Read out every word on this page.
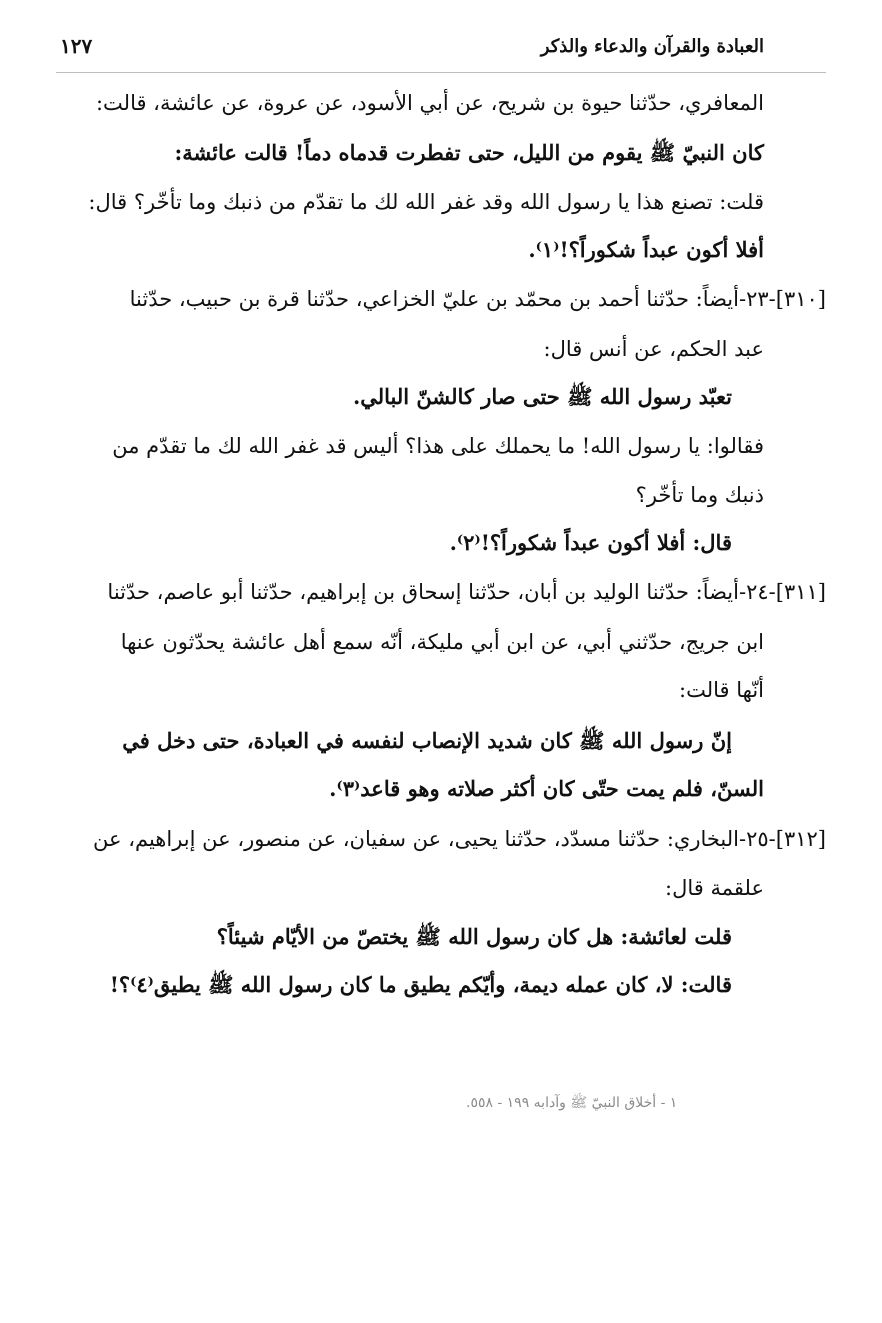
العبادة والقرآن والدعاء والذكر
١٢٧
المعافري، حدّثنا حيوة بن شريح، عن أبي الأسود، عن عروة، عن عائشة، قالت:
كان النبيّ ﷺ يقوم من الليل، حتى تفطرت قدماه دماً! قالت عائشة:
قلت: تصنع هذا يا رسول الله وقد غفر الله لك ما تقدّم من ذنبك وما تأخّر؟ قال:
أفلا أكون عبداً شكوراً؟!⁽١⁾.
[٣١٠]-٢٣-أيضاً: حدّثنا أحمد بن محمّد بن عليّ الخزاعي، حدّثنا قرة بن حبيب، حدّثنا
عبد الحكم، عن أنس قال:
تعبّد رسول الله ﷺ حتى صار كالشنّ البالي.
فقالوا: يا رسول الله! ما يحملك على هذا؟ أليس قد غفر الله لك ما تقدّم من
ذنبك وما تأخّر؟
قال: أفلا أكون عبداً شكوراً؟!⁽٢⁾.
[٣١١]-٢٤-أيضاً: حدّثنا الوليد بن أبان، حدّثنا إسحاق بن إبراهيم، حدّثنا أبو عاصم، حدّثنا
ابن جريج، حدّثني أبي، عن ابن أبي مليكة، أنّه سمع أهل عائشة يحدّثون عنها
أنّها قالت:
إنّ رسول الله ﷺ كان شديد الإنصاب لنفسه في العبادة، حتى دخل في
السنّ، فلم يمت حتّى كان أكثر صلاته وهو قاعد⁽٣⁾.
[٣١٢]-٢٥-البخاري: حدّثنا مسدّد، حدّثنا يحيى، عن سفيان، عن منصور، عن إبراهيم، عن
علقمة قال:
قلت لعائشة: هل كان رسول الله ﷺ يختصّ من الأيّام شيئاً؟
قالت: لا، كان عمله ديمة، وأيّكم يطيق ما كان رسول الله ﷺ يطيق⁽٤⁾؟!
١ - أخلاق النبيّ ﷺ وآدابه ١٩٩ - ٥٥٨.
